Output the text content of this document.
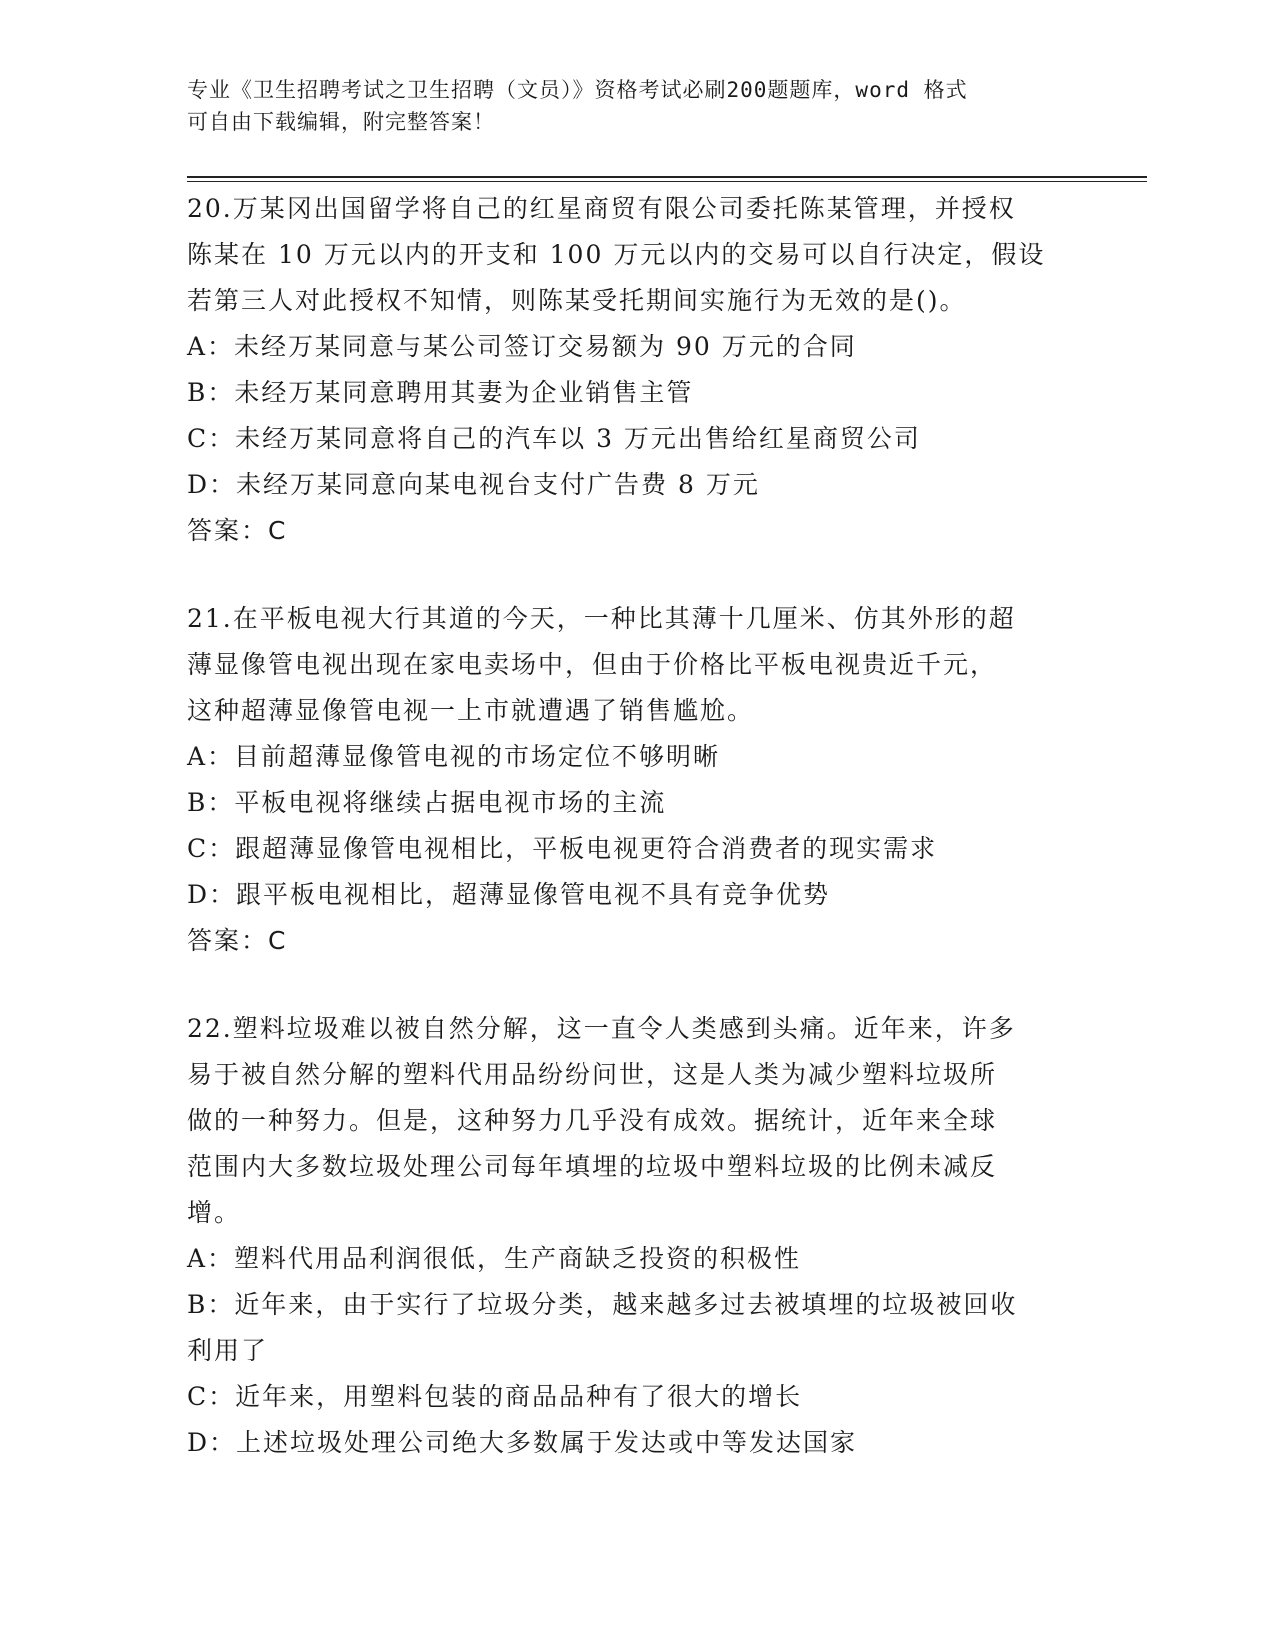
专业《卫生招聘考试之卫生招聘（文员）》资格考试必刷200题题库，word 格式
可自由下载编辑，附完整答案！
20.万某冈出国留学将自己的红星商贸有限公司委托陈某管理，并授权
陈某在 10 万元以内的开支和 100 万元以内的交易可以自行决定，假设
若第三人对此授权不知情，则陈某受托期间实施行为无效的是()。
A：未经万某同意与某公司签订交易额为 90 万元的合同
B：未经万某同意聘用其妻为企业销售主管
C：未经万某同意将自己的汽车以 3 万元出售给红星商贸公司
D：未经万某同意向某电视台支付广告费 8 万元
答案：C
21.在平板电视大行其道的今天，一种比其薄十几厘米、仿其外形的超
薄显像管电视出现在家电卖场中，但由于价格比平板电视贵近千元，
这种超薄显像管电视一上市就遭遇了销售尴尬。
A：目前超薄显像管电视的市场定位不够明晰
B：平板电视将继续占据电视市场的主流
C：跟超薄显像管电视相比，平板电视更符合消费者的现实需求
D：跟平板电视相比，超薄显像管电视不具有竞争优势
答案：C
22.塑料垃圾难以被自然分解，这一直令人类感到头痛。近年来，许多
易于被自然分解的塑料代用品纷纷问世，这是人类为减少塑料垃圾所
做的一种努力。但是，这种努力几乎没有成效。据统计，近年来全球
范围内大多数垃圾处理公司每年填埋的垃圾中塑料垃圾的比例未减反
增。
A：塑料代用品利润很低，生产商缺乏投资的积极性
B：近年来，由于实行了垃圾分类，越来越多过去被填埋的垃圾被回收
利用了
C：近年来，用塑料包装的商品品种有了很大的增长
D：上述垃圾处理公司绝大多数属于发达或中等发达国家
